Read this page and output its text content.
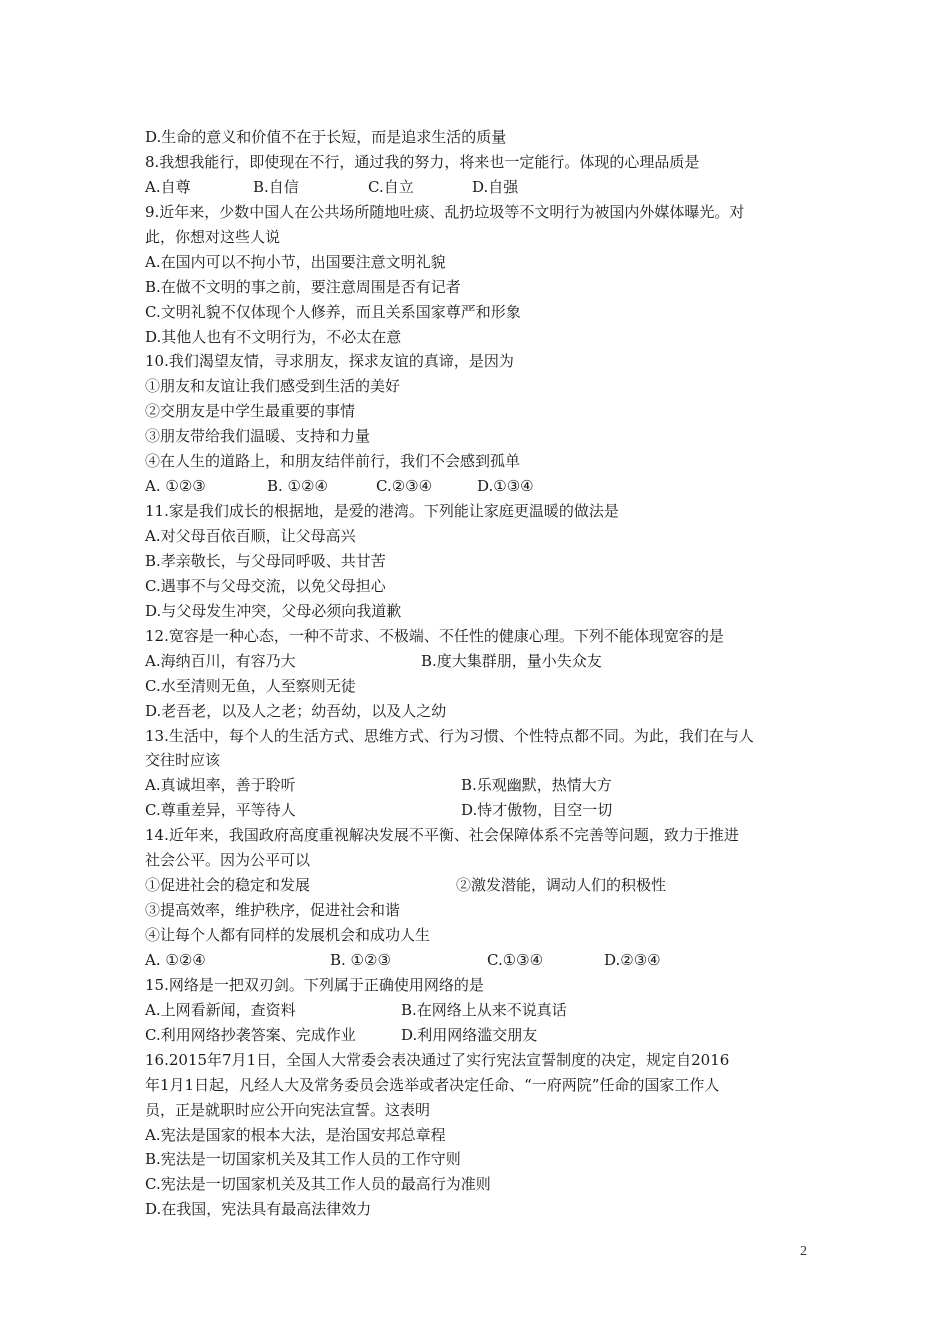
D.生命的意义和价值不在于长短，而是追求生活的质量
8.我想我能行，即使现在不行，通过我的努力，将来也一定能行。体现的心理品质是
A.自尊	B.自信	C.自立	D.自强
9.近年来，少数中国人在公共场所随地吐痰、乱扔垃圾等不文明行为被国内外媒体曝光。对
此，你想对这些人说
A.在国内可以不拘小节，出国要注意文明礼貌
B.在做不文明的事之前，要注意周围是否有记者
C.文明礼貌不仅体现个人修养，而且关系国家尊严和形象
D.其他人也有不文明行为，不必太在意
10.我们渴望友情，寻求朋友，探求友谊的真谛，是因为
①朋友和友谊让我们感受到生活的美好
②交朋友是中学生最重要的事情
③朋友带给我们温暖、支持和力量
④在人生的道路上，和朋友结伴前行，我们不会感到孤单
A. ①②③	B. ①②④	C.②③④	D.①③④
11.家是我们成长的根据地，是爱的港湾。下列能让家庭更温暖的做法是
A.对父母百依百顺，让父母高兴
B.孝亲敬长，与父母同呼吸、共甘苦
C.遇事不与父母交流，以免父母担心
D.与父母发生冲突，父母必须向我道歉
12.宽容是一种心态，一种不苛求、不极端、不任性的健康心理。下列不能体现宽容的是
A.海纳百川，有容乃大	B.度大集群朋，量小失众友
C.水至清则无鱼，人至察则无徒
D.老吾老，以及人之老；幼吾幼，以及人之幼
13.生活中，每个人的生活方式、思维方式、行为习惯、个性特点都不同。为此，我们在与人
交往时应该
A.真诚坦率，善于聆听	B.乐观幽默，热情大方
C.尊重差异，平等待人	D.恃才傲物，目空一切
14.近年来，我国政府高度重视解决发展不平衡、社会保障体系不完善等问题，致力于推进
社会公平。因为公平可以
①促进社会的稳定和发展	②激发潜能，调动人们的积极性
③提高效率，维护秩序，促进社会和谐
④让每个人都有同样的发展机会和成功人生
A. ①②④	B. ①②③	C.①③④	D.②③④
15.网络是一把双刃剑。下列属于正确使用网络的是
A.上网看新闻，查资料	B.在网络上从来不说真话
C.利用网络抄袭答案、完成作业	D.利用网络滥交朋友
16.2015年7月1日，全国人大常委会表决通过了实行宪法宣誓制度的决定，规定自2016
年1月1日起，凡经人大及常务委员会选举或者决定任命、“一府两院”任命的国家工作人
员，正是就职时应公开向宪法宣誓。这表明
A.宪法是国家的根本大法，是治国安邦总章程
B.宪法是一切国家机关及其工作人员的工作守则
C.宪法是一切国家机关及其工作人员的最高行为准则
D.在我国，宪法具有最高法律效力
2
